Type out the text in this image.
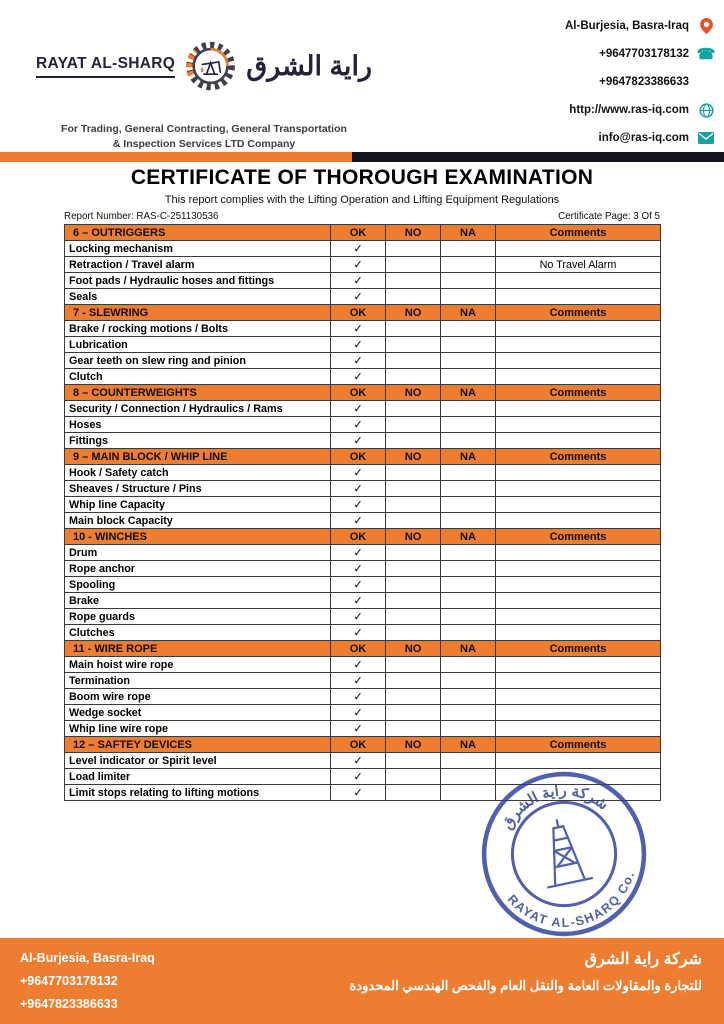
RAYAT AL-SHARQ	راية الشرق
For Trading, General Contracting, General Transportation
& Inspection Services LTD Company
Al-Burjesia, Basra-Iraq
+9647703178132 ☎
+9647823386633
http://www.ras-iq.com
info@ras-iq.com
CERTIFICATE OF THOROUGH EXAMINATION
This report complies with the Lifting Operation and Lifting Equipment Regulations
Report Number: RAS-C-251130536	Certificate Page: 3 Of 5
6 – OUTRIGGERS	OK	NO	NA	Comments
Locking mechanism	✓			
Retraction / Travel alarm	✓			No Travel Alarm
Foot pads / Hydraulic hoses and fittings	✓			
Seals	✓			
7 - SLEWRING	OK	NO	NA	Comments
Brake / rocking motions / Bolts	✓			
Lubrication	✓			
Gear teeth on slew ring and pinion	✓			
Clutch	✓			
8 – COUNTERWEIGHTS	OK	NO	NA	Comments
Security / Connection / Hydraulics / Rams	✓			
Hoses	✓			
Fittings	✓			
9 – MAIN BLOCK / WHIP LINE	OK	NO	NA	Comments
Hook / Safety catch	✓			
Sheaves / Structure / Pins	✓			
Whip line Capacity	✓			
Main block Capacity	✓			
10 - WINCHES	OK	NO	NA	Comments
Drum	✓			
Rope anchor	✓			
Spooling	✓			
Brake	✓			
Rope guards	✓			
Clutches	✓			
11 - WIRE ROPE	OK	NO	NA	Comments
Main hoist wire rope	✓			
Termination	✓			
Boom wire rope	✓			
Wedge socket	✓			
Whip line wire rope	✓			
12 – SAFTEY DEVICES	OK	NO	NA	Comments
Level indicator or Spirit level	✓			
Load limiter	✓			
Limit stops relating to lifting motions	✓			
شركة راية الشرق
RAYAT AL-SHARQ Co.
Al-Burjesia, Basra-Iraq
+9647703178132
+9647823386633
شركة راية الشرق
للتجارة والمقاولات العامة والنقل العام والفحص الهندسي المحدودة
